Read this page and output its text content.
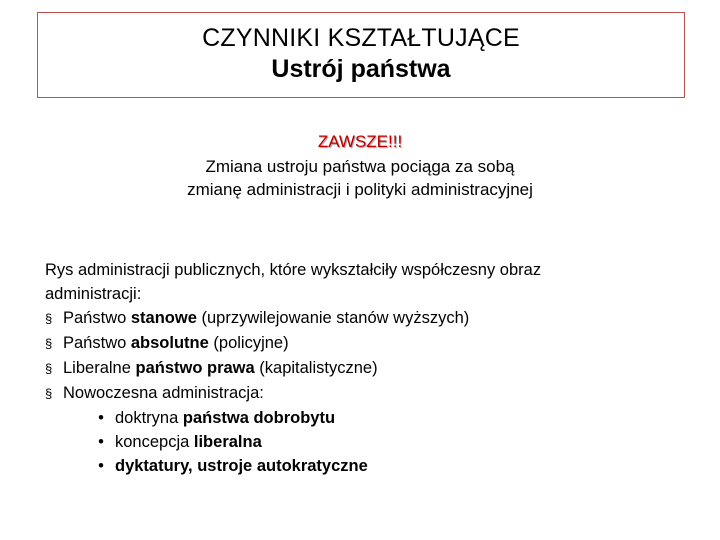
CZYNNIKI KSZTAŁTUJĄCE
Ustrój państwa
ZAWSZE!!!
Zmiana ustroju państwa pociąga za sobą
zmianę administracji i polityki administracyjnej
Rys administracji publicznych, które wykształciły współczesny obraz
administracji:
§ Państwo stanowe (uprzywilejowanie stanów wyższych)
§ Państwo absolutne (policyjne)
§ Liberalne państwo prawa (kapitalistyczne)
§ Nowoczesna administracja:
• doktryna państwa dobrobytu
• koncepcja liberalna
• dyktatury, ustroje autokratyczne
